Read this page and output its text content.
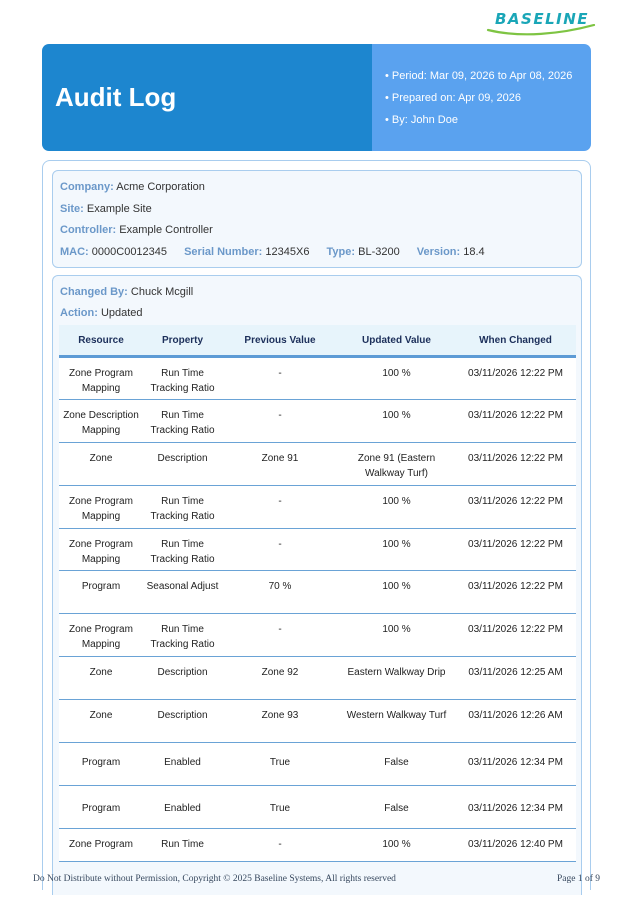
BASELINE
Audit Log
• Period: Mar 09, 2026 to Apr 08, 2026
• Prepared on: Apr 09, 2026
• By: John Doe
Company: Acme Corporation
Site: Example Site
Controller: Example Controller
MAC: 0000C0012345 Serial Number: 12345X6 Type: BL-3200 Version: 18.4
Changed By: Chuck Mcgill
Action: Updated
Resource	Property	Previous Value	Updated Value	When Changed
Zone Program Mapping	Run Time Tracking Ratio	-	100 %	03/11/2026 12:22 PM
Zone Description Mapping	Run Time Tracking Ratio	-	100 %	03/11/2026 12:22 PM
Zone	Description	Zone 91	Zone 91 (Eastern Walkway Turf)	03/11/2026 12:22 PM
Zone Program Mapping	Run Time Tracking Ratio	-	100 %	03/11/2026 12:22 PM
Zone Program Mapping	Run Time Tracking Ratio	-	100 %	03/11/2026 12:22 PM
Program	Seasonal Adjust	70 %	100 %	03/11/2026 12:22 PM
Zone Program Mapping	Run Time Tracking Ratio	-	100 %	03/11/2026 12:22 PM
Zone	Description	Zone 92	Eastern Walkway Drip	03/11/2026 12:25 AM
Zone	Description	Zone 93	Western Walkway Turf	03/11/2026 12:26 AM
Program	Enabled	True	False	03/11/2026 12:34 PM
Program	Enabled	True	False	03/11/2026 12:34 PM
Zone Program	Run Time	-	100 %	03/11/2026 12:40 PM
Do Not Distribute without Permission, Copyright © 2025 Baseline Systems, All rights reserved	Page 1 of 9
